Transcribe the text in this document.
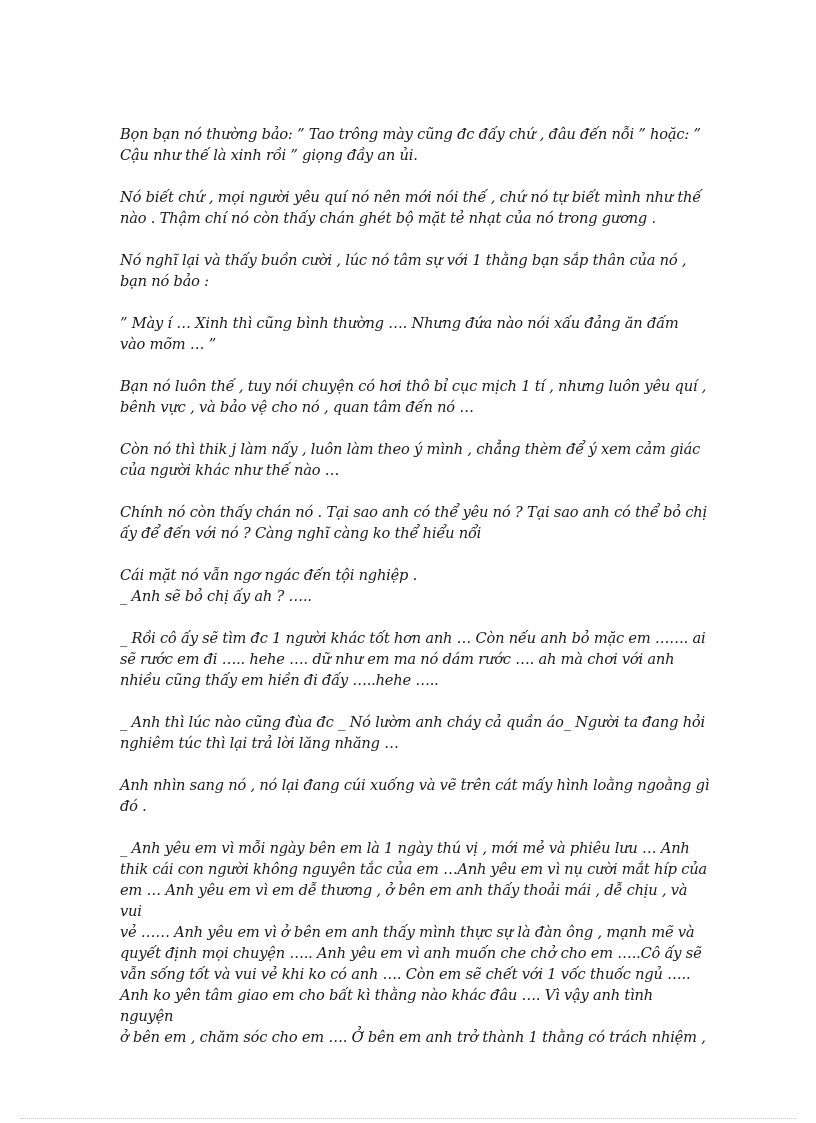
Bọn bạn nó thường bảo: ” Tao trông mày cũng đc đấy chứ , đâu đến nỗi ” hoặc: ”
Cậu như thế là xinh rồi ” giọng đầy an ủi.

Nó biết chứ , mọi người yêu quí nó nên mới nói thế , chứ nó tự biết mình như thế
nào . Thậm chí nó còn thấy chán ghét bộ mặt tẻ nhạt của nó trong gương .

Nó nghĩ lại và thấy buồn cười , lúc nó tâm sự với 1 thằng bạn sắp thân của nó ,
bạn nó bảo :

” Mày í … Xinh thì cũng bình thường …. Nhưng đứa nào nói xấu đảng ăn đấm
vào mõm … ”

Bạn nó luôn thế , tuy nói chuyện có hơi thô bỉ cục mịch 1 tí , nhưng luôn yêu quí ,
bênh vực , và bảo vệ cho nó , quan tâm đến nó …

Còn nó thì thik j làm nấy , luôn làm theo ý mình , chẳng thèm để ý xem cảm giác
của người khác như thế nào …

Chính nó còn thấy chán nó . Tại sao anh có thể yêu nó ? Tại sao anh có thể bỏ chị
ấy để đến với nó ? Càng nghĩ càng ko thể hiểu nổi

Cái mặt nó vẫn ngơ ngác đến tội nghiệp .
_ Anh sẽ bỏ chị ấy ah ? …..

_ Rồi cô ấy sẽ tìm đc 1 người khác tốt hơn anh … Còn nếu anh bỏ mặc em ……. ai
sẽ rước em đi ….. hehe …. dữ như em ma nó dám rước …. ah mà chơi với anh
nhiều cũng thấy em hiền đi đấy …..hehe …..

_ Anh thì lúc nào cũng đùa đc _ Nó lườm anh cháy cả quần áo_ Người ta đang hỏi
nghiêm túc thì lại trả lời lăng nhăng …

Anh nhìn sang nó , nó lại đang cúi xuống và vẽ trên cát mấy hình loằng ngoằng gì
đó .

_ Anh yêu em vì mỗi ngày bên em là 1 ngày thú vị , mới mẻ và phiêu lưu … Anh
thik cái con người không nguyên tắc của em …Anh yêu em vì nụ cười mắt híp của
em … Anh yêu em vì em dễ thương , ở bên em anh thấy thoải mái , dễ chịu , và vui
vẻ …… Anh yêu em vì ở bên em anh thấy mình thực sự là đàn ông , mạnh mẽ và
quyết định mọi chuyện ….. Anh yêu em vì anh muốn che chở cho em …..Cô ấy sẽ
vẫn sống tốt và vui vẻ khi ko có anh …. Còn em sẽ chết với 1 vốc thuốc ngủ …..
Anh ko yên tâm giao em cho bất kì thằng nào khác đâu …. Vì vậy anh tình nguyện
ở bên em , chăm sóc cho em …. Ở bên em anh trở thành 1 thằng có trách nhiệm ,
